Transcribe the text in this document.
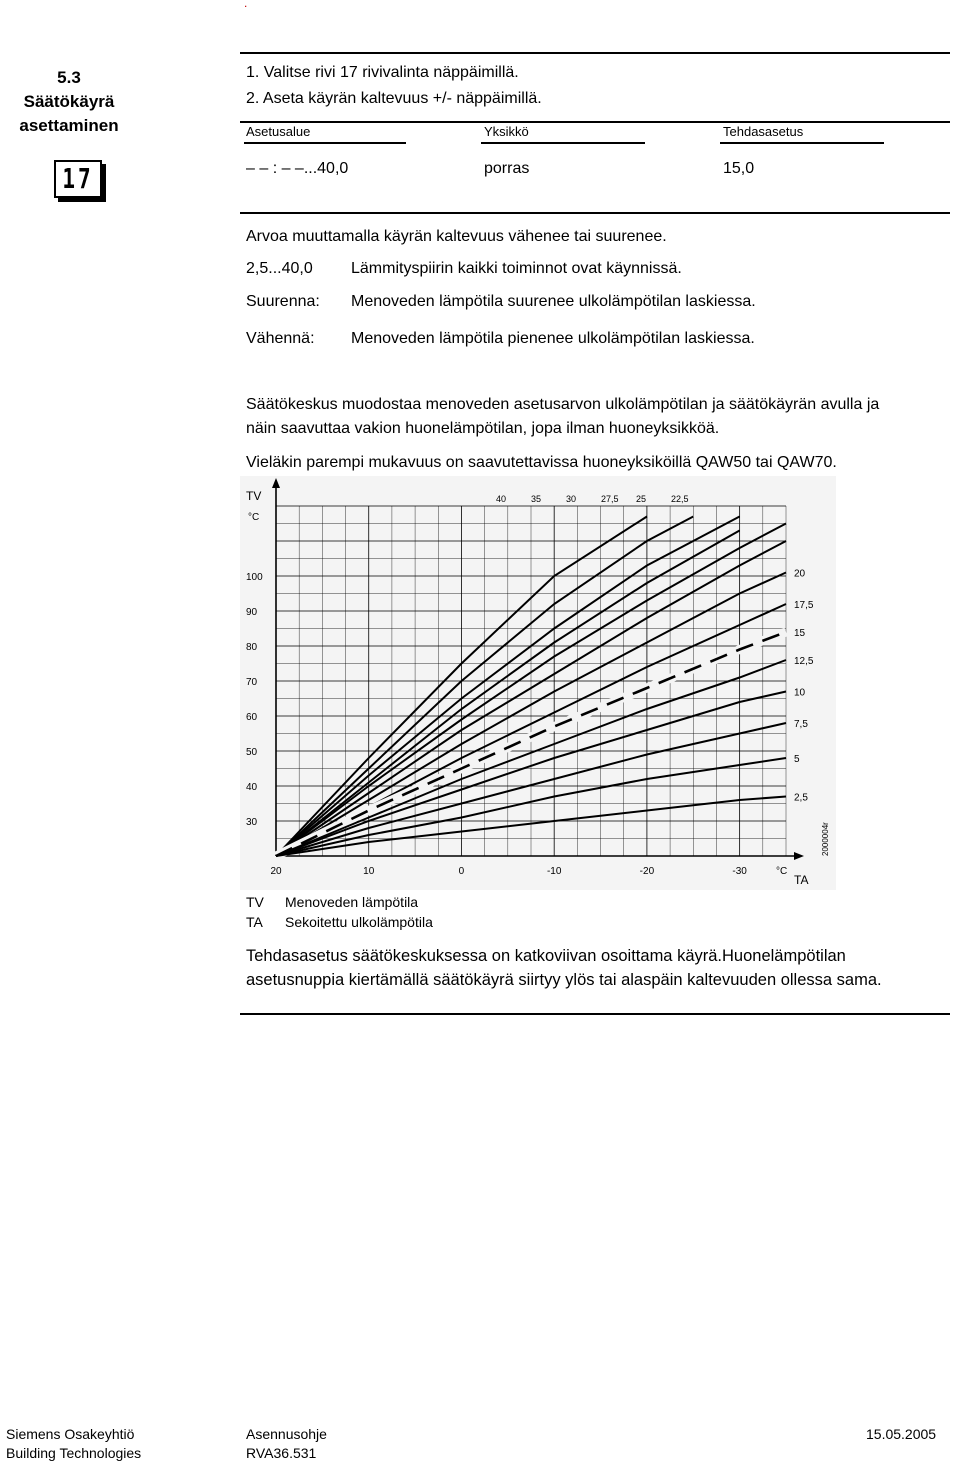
.
5.3
Säätökäyrä
asettaminen
17
1. Valitse rivi 17 rivivalinta näppäimillä.
2. Aseta käyrän kaltevuus +/- näppäimillä.
Asetusalue	Yksikkö	Tehdasasetus
– – : – –...40,0	porras	15,0
Arvoa muuttamalla käyrän kaltevuus vähenee tai suurenee.
2,5...40,0 Lämmityspiirin kaikki toiminnot ovat käynnissä.
Suurenna: Menoveden lämpötila suurenee ulkolämpötilan laskiessa.
Vähennä: Menoveden lämpötila pienenee ulkolämpötilan laskiessa.
Säätökeskus muodostaa menoveden asetusarvon ulkolämpötilan ja säätökäyrän avulla ja
näin saavuttaa vakion huonelämpötilan, jopa ilman huoneyksikköä.
Vieläkin parempi mukavuus on saavutettavissa huoneyksiköillä QAW50 tai QAW70.
100
90
80
70
60
50
40
30
20	10	0	-10	-20	-30
TV
°C
°C
TA
40	35	30	27,5 25	22,5
20
17,5
15
12,5
10
7,5
5
2,5
2000004r
TV Menoveden lämpötila
TA Sekoitettu ulkolämpötila
Tehdasasetus säätökeskuksessa on katkoviivan osoittama käyrä.Huonelämpötilan
asetusnuppia kiertämällä säätökäyrä siirtyy ylös tai alaspäin kaltevuuden ollessa sama.
Siemens Osakeyhtiö
Building Technologies
Asennusohje
RVA36.531
15.05.2005
